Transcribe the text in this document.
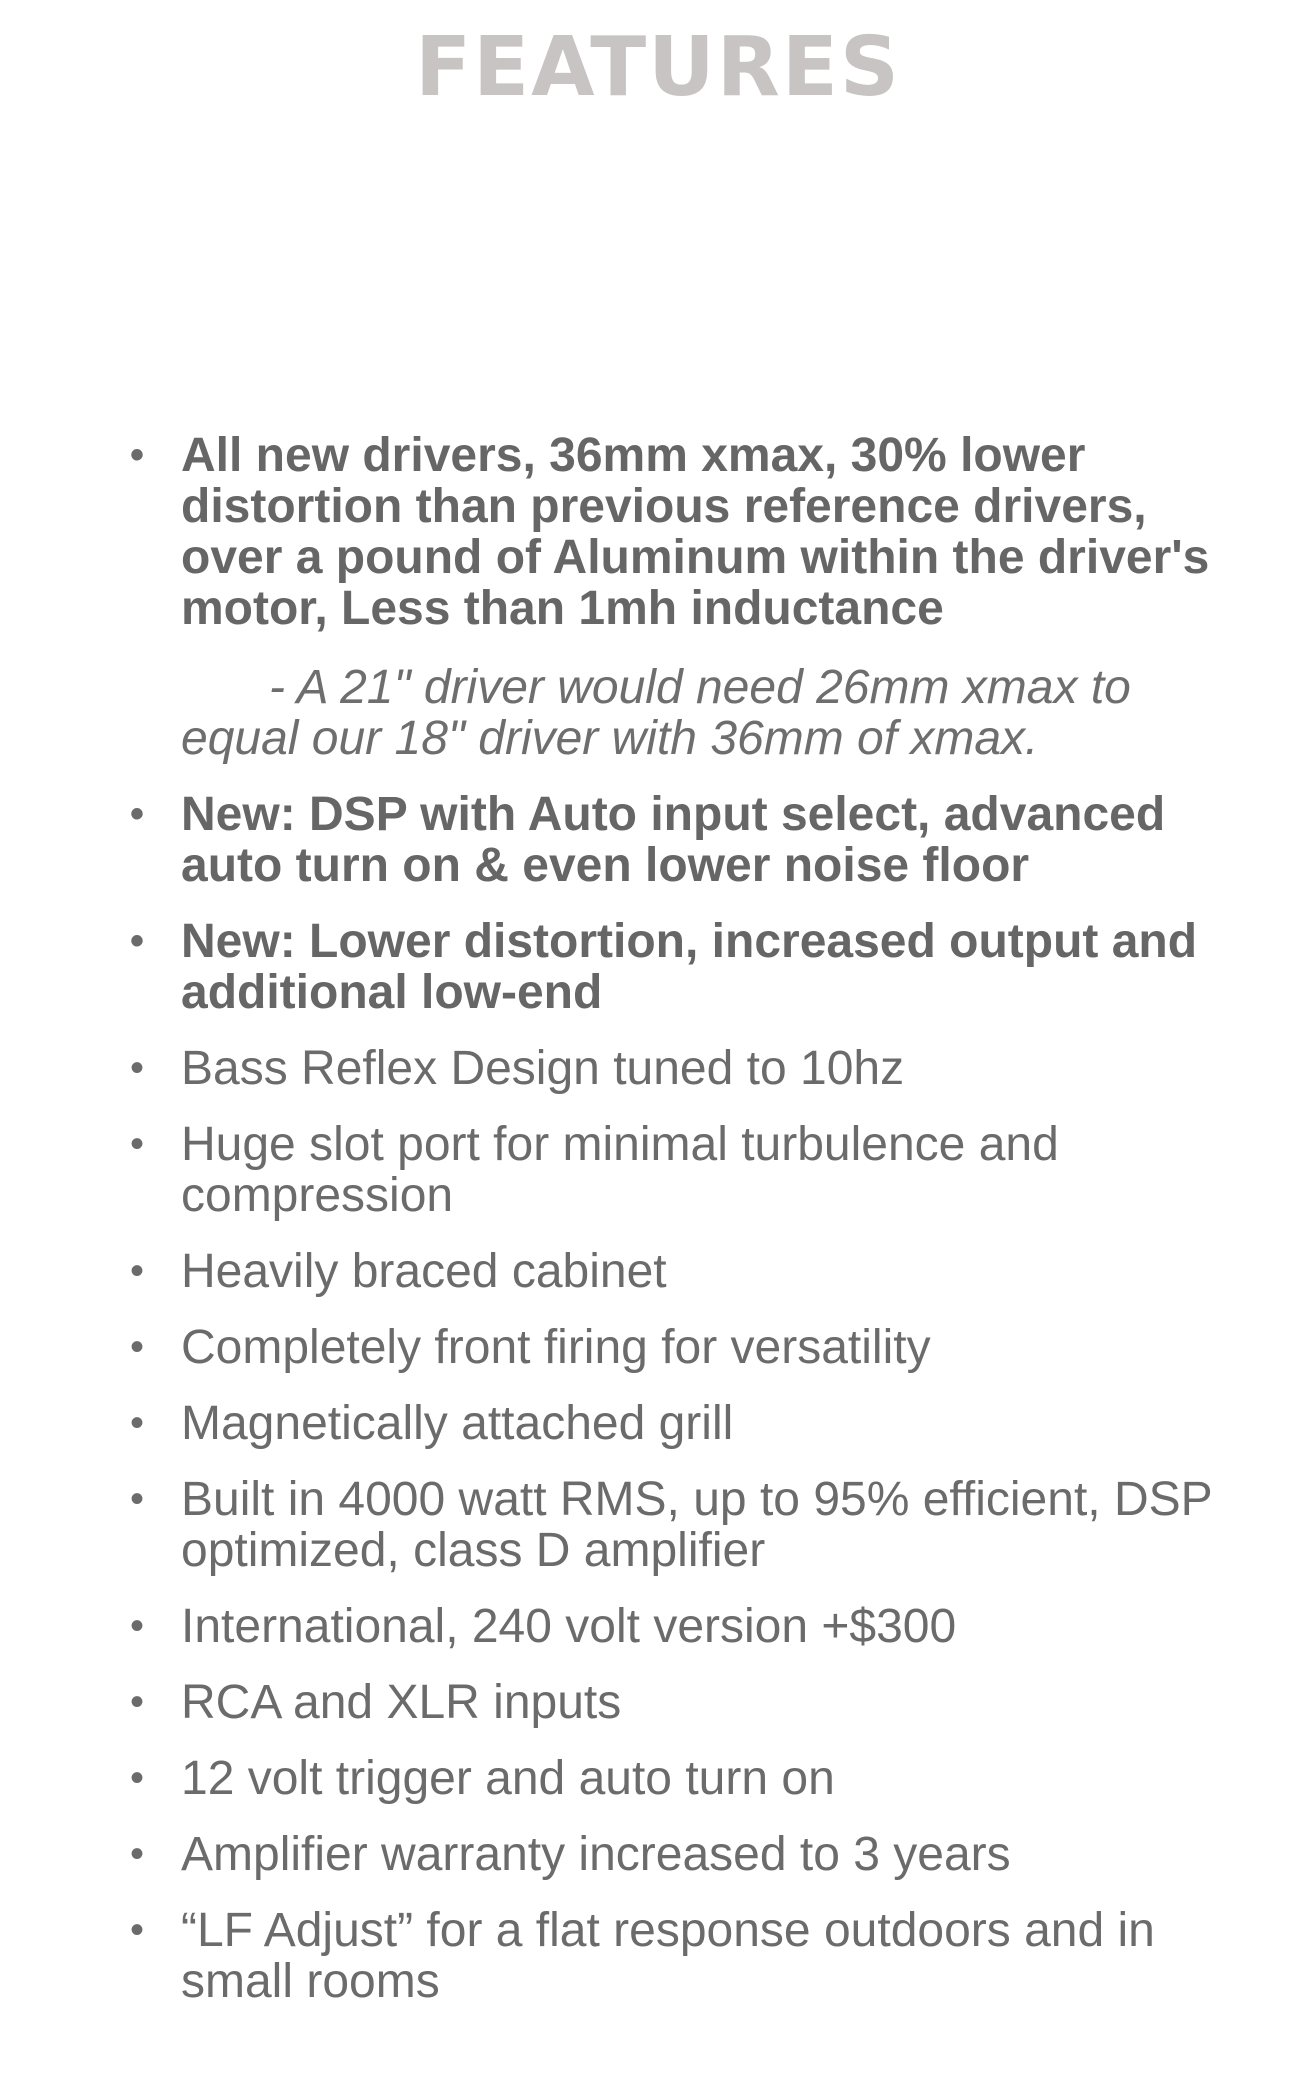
FEATURES
• All new drivers, 36mm xmax, 30% lower distortion than previous reference drivers, over a pound of Aluminum within the driver's motor, Less than 1mh inductance
- A 21" driver would need 26mm xmax to equal our 18" driver with 36mm of xmax.
• New: DSP with Auto input select, advanced auto turn on & even lower noise floor
• New: Lower distortion, increased output and additional low-end
• Bass Reflex Design tuned to 10hz
• Huge slot port for minimal turbulence and compression
• Heavily braced cabinet
• Completely front firing for versatility
• Magnetically attached grill
• Built in 4000 watt RMS, up to 95% efficient, DSP optimized, class D amplifier
• International, 240 volt version +$300
• RCA and XLR inputs
• 12 volt trigger and auto turn on
• Amplifier warranty increased to 3 years
• “LF Adjust” for a flat response outdoors and in small rooms
